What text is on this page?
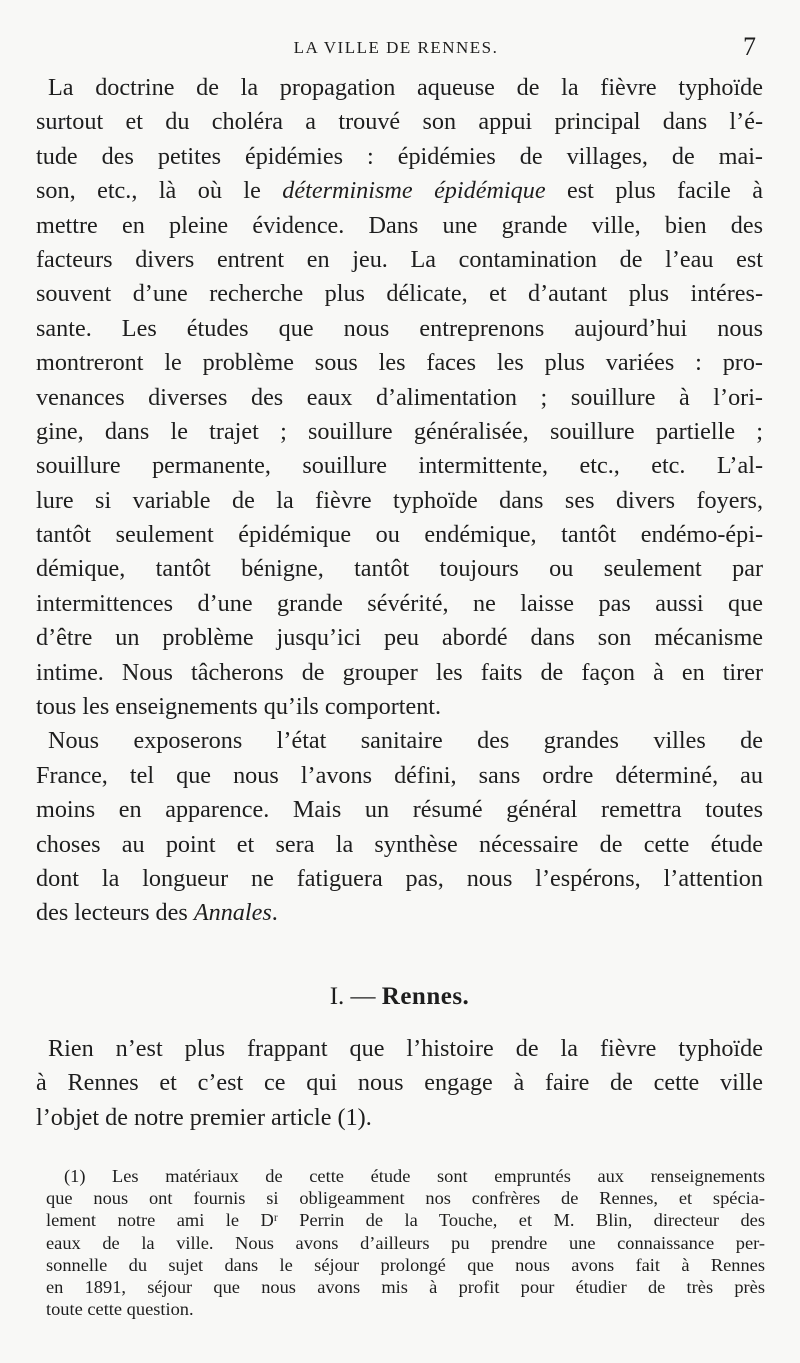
LA VILLE DE RENNES.	7
La doctrine de la propagation aqueuse de la fièvre typhoïde
surtout et du choléra a trouvé son appui principal dans l’é-
tude des petites épidémies : épidémies de villages, de mai-
son, etc., là où le déterminisme épidémique est plus facile à
mettre en pleine évidence. Dans une grande ville, bien des
facteurs divers entrent en jeu. La contamination de l’eau est
souvent d’une recherche plus délicate, et d’autant plus intéres-
sante. Les études que nous entreprenons aujourd’hui nous
montreront le problème sous les faces les plus variées : pro-
venances diverses des eaux d’alimentation ; souillure à l’ori-
gine, dans le trajet ; souillure généralisée, souillure partielle ;
souillure permanente, souillure intermittente, etc., etc. L’al-
lure si variable de la fièvre typhoïde dans ses divers foyers,
tantôt seulement épidémique ou endémique, tantôt endémo-épi-
démique, tantôt bénigne, tantôt toujours ou seulement par
intermittences d’une grande sévérité, ne laisse pas aussi que
d’être un problème jusqu’ici peu abordé dans son mécanisme
intime. Nous tâcherons de grouper les faits de façon à en tirer
tous les enseignements qu’ils comportent.
Nous exposerons l’état sanitaire des grandes villes de
France, tel que nous l’avons défini, sans ordre déterminé, au
moins en apparence. Mais un résumé général remettra toutes
choses au point et sera la synthèse nécessaire de cette étude
dont la longueur ne fatiguera pas, nous l’espérons, l’attention
des lecteurs des Annales.
I. — Rennes.
Rien n’est plus frappant que l’histoire de la fièvre typhoïde
à Rennes et c’est ce qui nous engage à faire de cette ville
l’objet de notre premier article (1).
(1) Les matériaux de cette étude sont empruntés aux renseignements
que nous ont fournis si obligeamment nos confrères de Rennes, et spécia-
lement notre ami le Dʳ Perrin de la Touche, et M. Blin, directeur des
eaux de la ville. Nous avons d’ailleurs pu prendre une connaissance per-
sonnelle du sujet dans le séjour prolongé que nous avons fait à Rennes
en 1891, séjour que nous avons mis à profit pour étudier de très près
toute cette question.
